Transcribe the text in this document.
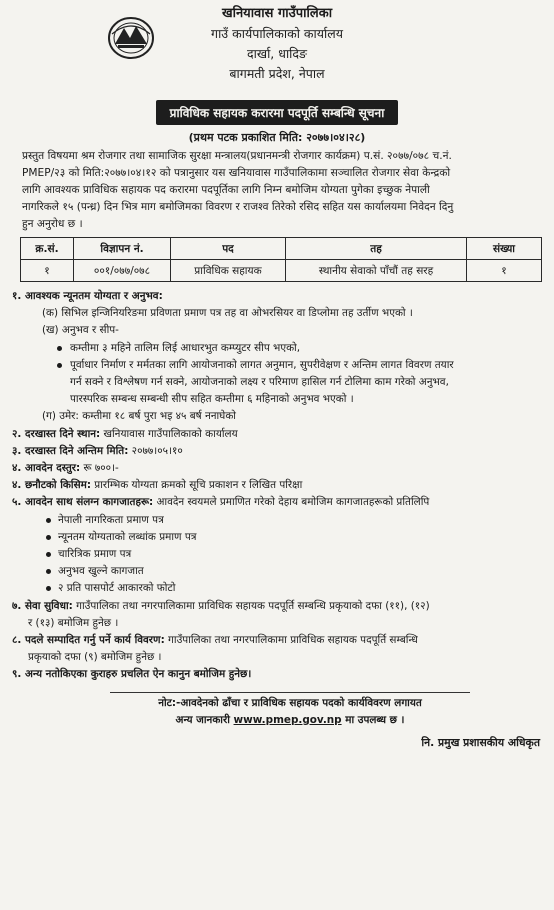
खनियावास गाउँपालिका
गाउँ कार्यपालिकाको कार्यालय
दार्खा, धादिङ
बागमती प्रदेश, नेपाल
प्राविधिक सहायक करारमा पदपूर्ति सम्बन्धि सूचना
(प्रथम पटक प्रकाशित मिति: २०७७।०४।२८)
प्रस्तुत विषयमा श्रम रोजगार तथा सामाजिक सुरक्षा मन्त्रालय(प्रधानमन्त्री रोजगार कार्यक्रम) प.सं. २०७७/०७८ च.नं.
PMEP/२३ को मिति:२०७७।०४।१२ को पत्रानुसार यस खनियावास गाउँपालिकामा सञ्चालित रोजगार सेवा केन्द्रको
लागि आवश्यक प्राविधिक सहायक पद करारमा पदपूर्तिका लागि निम्न बमोजिम योग्यता पुगेका इच्छुक नेपाली
नागरिकले १५ (पन्ध्र) दिन भित्र माग बमोजिमका विवरण र राजश्व तिरेको रसिद सहित यस कार्यालयमा निवेदन दिनु
हुन अनुरोध छ ।
क्र.सं.	विज्ञापन नं.	पद	तह	संख्या
१	००१/०७७/०७८	प्राविधिक सहायक	स्थानीय सेवाको पाँचौं तह सरह	१
१. आवश्यक न्यूनतम योग्यता र अनुभव:
(क) सिभिल इन्जिनियरिङमा प्रविणता प्रमाण पत्र तह वा ओभरसियर वा डिप्लोमा तह उर्तीण भएको ।
(ख) अनुभव र सीप-
कम्तीमा ३ महिने तालिम लिई आधारभुत कम्प्युटर सीप भएको,
पूर्वाधार निर्माण र मर्मतका लागि आयोजनाको लागत अनुमान, सुपरीवेक्षण र अन्तिम लागत विवरण तयार
गर्न सक्ने र विश्लेषण गर्न सक्ने, आयोजनाको लक्ष्य र परिमाण हासिल गर्न टोलिमा काम गरेको अनुभव,
पारस्परिक सम्बन्ध सम्बन्धी सीप सहित कम्तीमा ६ महिनाको अनुभव भएको ।
(ग) उमेर: कम्तीमा १८ बर्ष पुरा भइ ४५ बर्ष ननाघेको
२. दरखास्त दिने स्थान: खनियावास गाउँपालिकाको कार्यालय
३. दरखास्त दिने अन्तिम मिति: २०७७।०५।१०
४. आवदेन दस्तुर: रू ७००।-
४. छनौटको किसिम: प्रारम्भिक योग्यता क्रमको सूचि प्रकाशन र लिखित परिक्षा
५. आवदेन साथ संलग्न कागजातहरू: आवदेन स्वयमले प्रमाणित गरेको देहाय बमोजिम कागजातहरूको प्रतिलिपि
नेपाली नागरिकता प्रमाण पत्र
न्यूनतम योग्यताको लब्धांक प्रमाण पत्र
चारित्रिक प्रमाण पत्र
अनुभव खुल्ने कागजात
२ प्रति पासपोर्ट आकारको फोटो
७. सेवा सुविधा: गाउँपालिका तथा नगरपालिकामा प्राविधिक सहायक पदपूर्ति सम्बन्धि प्रकृयाको दफा (११), (१२)
र (१३) बमोजिम हुनेछ ।
८. पदले सम्पादित गर्नु पर्ने कार्य विवरण: गाउँपालिका तथा नगरपालिकामा प्राविधिक सहायक पदपूर्ति सम्बन्धि
प्रकृयाको दफा (९) बमोजिम हुनेछ ।
९. अन्य नतोकिएका कुराहरु प्रचलित ऐन कानुन बमोजिम हुनेछ।
नोट:-आवदेनको ढाँचा र प्राविधिक सहायक पदको कार्यविवरण लगायत
अन्य जानकारी www.pmep.gov.np मा उपलब्ध छ ।
नि. प्रमुख प्रशासकीय अधिकृत
